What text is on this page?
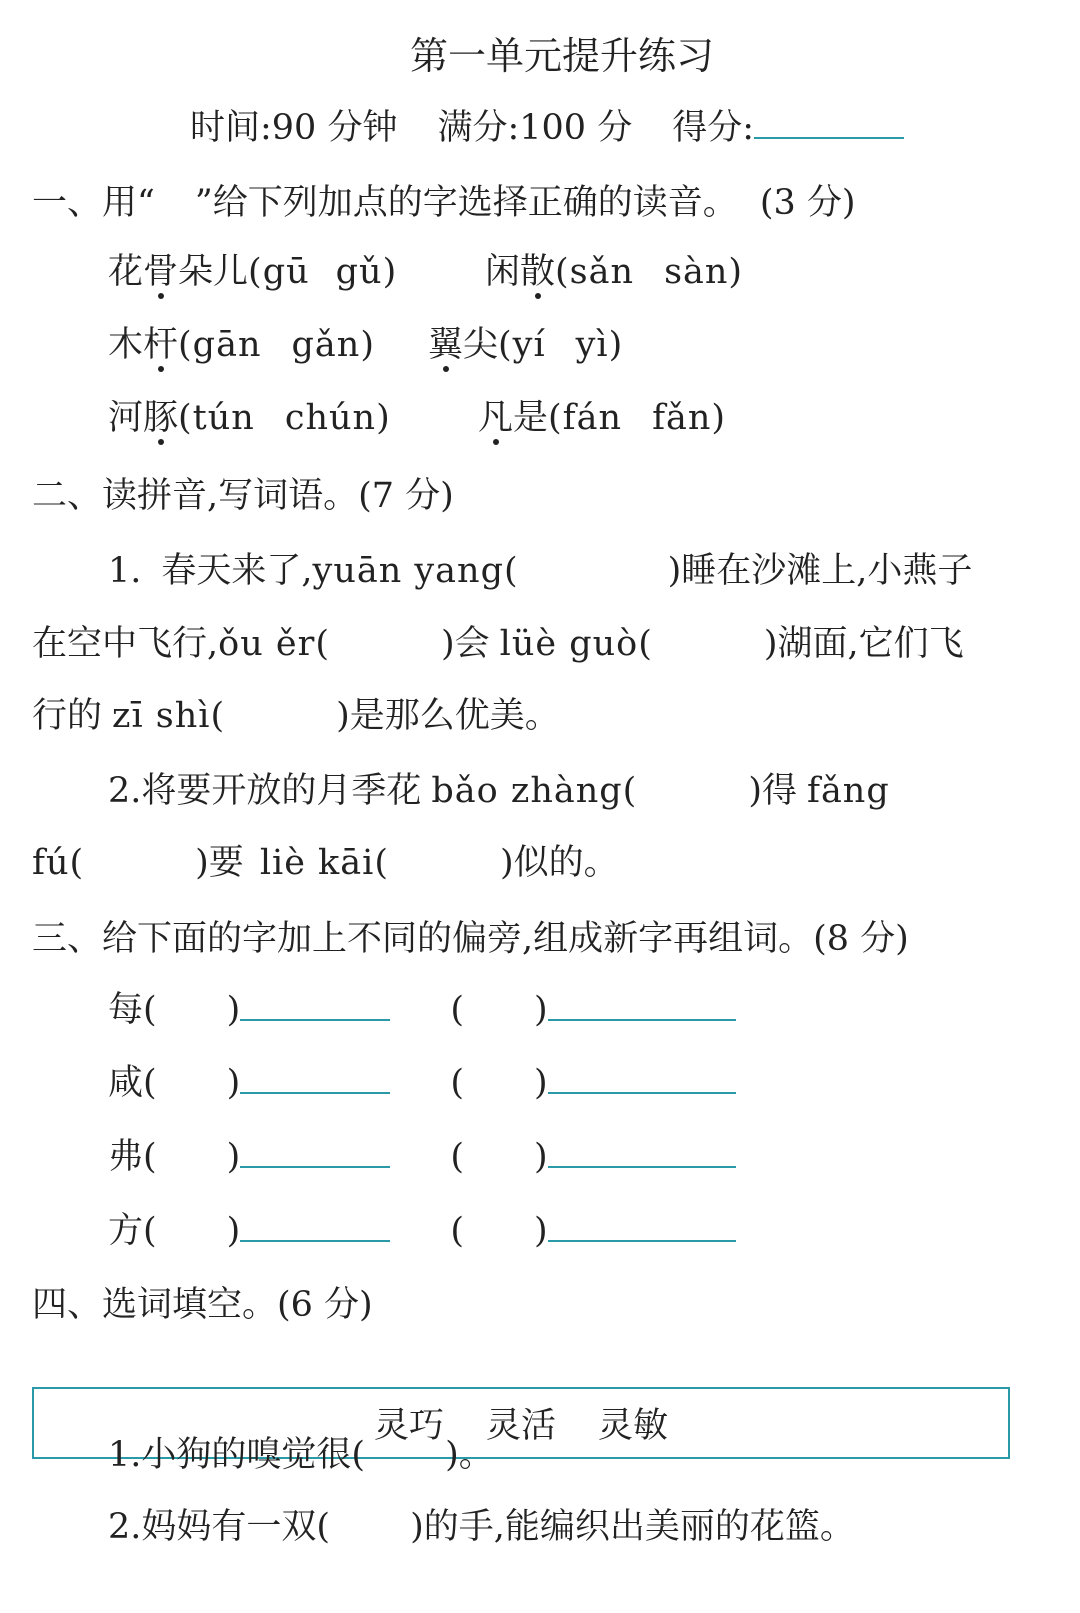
第一单元提升练习
时间:90 分钟 满分:100 分 得分:
一、用“ ”给下列加点的字选择正确的读音。 (3 分)
花骨朵儿(gū gǔ)	闲散(sǎn sàn)
木杆(gān gǎn) 翼尖(yí yì)
河豚(tún chún) 凡是(fán fǎn)
二、读拼音,写词语。(7 分)
1. 春天来了,yuān yang(	)睡在沙滩上,小燕子
在空中飞行,ǒu ěr(	)会 lüè guò(	)湖面,它们飞
行的 zī shì(	)是那么优美。
2.将要开放的月季花 bǎo zhàng(	)得 fǎng
fú(	)要 liè kāi(	)似的。
三、给下面的字加上不同的偏旁,组成新字再组词。(8 分)
每( )	( )
咸( )	( )
弗( )	( )
方( )	( )
四、选词填空。(6 分)
灵巧 灵活 灵敏
1.小狗的嗅觉很( )。
2.妈妈有一双( )的手,能编织出美丽的花篮。
